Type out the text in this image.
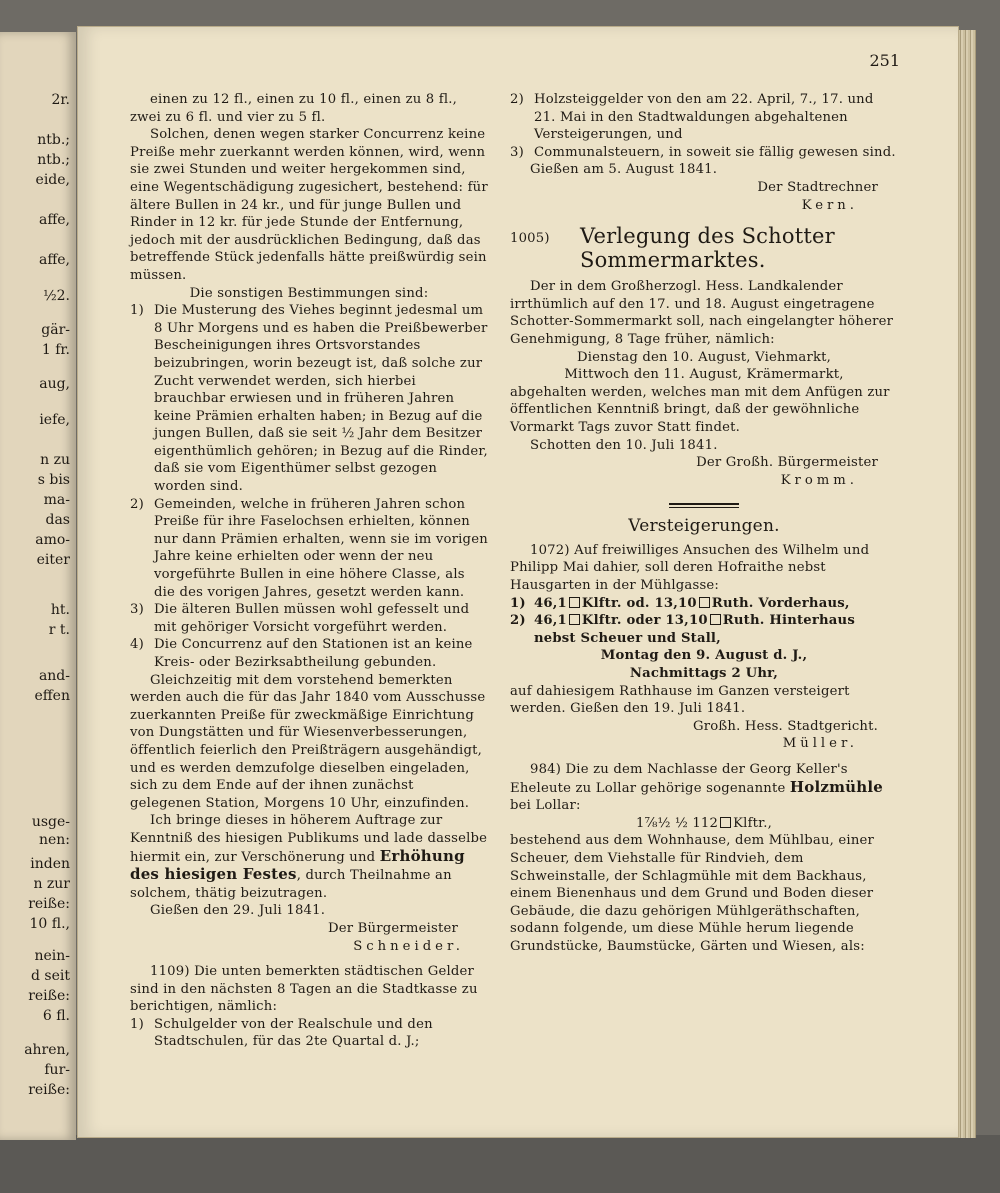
2r.
ntb.;
ntb.;
eide,
affe,
affe,
½2.
gär-
1 fr.
aug,
iefe,
n zu
s bis
ma-
das
amo-
eiter
ht.
r t.
and-
effen
usge-
nen:
inden
n zur
reiße:
10 fl.,
nein-
d seit
reiße:
6 fl.
ahren,
fur-
reiße:
251

einen zu 12 fl., einen zu 10 fl., einen zu 8 fl., zwei zu 6 fl. und vier zu 5 fl.

Solchen, denen wegen starker Concurrenz keine Preiße mehr zuerkannt werden können, wird, wenn sie zwei Stunden und weiter hergekommen sind, eine Wegentschädigung zugesichert, bestehend: für ältere Bullen in 24 kr., und für junge Bullen und Rinder in 12 kr. für jede Stunde der Entfernung, jedoch mit der ausdrücklichen Bedingung, daß das betreffende Stück jedenfalls hätte preißwürdig sein müssen.

Die sonstigen Bestimmungen sind:

1) Die Musterung des Viehes beginnt jedesmal um 8 Uhr Morgens und es haben die Preißbewerber Bescheinigungen ihres Ortsvorstandes beizubringen, worin bezeugt ist, daß solche zur Zucht verwendet werden, sich hierbei brauchbar erwiesen und in früheren Jahren keine Prämien erhalten haben; in Bezug auf die jungen Bullen, daß sie seit ½ Jahr dem Besitzer eigenthümlich gehören; in Bezug auf die Rinder, daß sie vom Eigenthümer selbst gezogen worden sind.
2) Gemeinden, welche in früheren Jahren schon Preiße für ihre Faselochsen erhielten, können nur dann Prämien erhalten, wenn sie im vorigen Jahre keine erhielten oder wenn der neu vorgeführte Bullen in eine höhere Classe, als die des vorigen Jahres, gesetzt werden kann.
3) Die älteren Bullen müssen wohl gefesselt und mit gehöriger Vorsicht vorgeführt werden.
4) Die Concurrenz auf den Stationen ist an keine Kreis- oder Bezirksabtheilung gebunden.

Gleichzeitig mit dem vorstehend bemerkten werden auch die für das Jahr 1840 vom Ausschusse zuerkannten Preiße für zweckmäßige Einrichtung von Dungstätten und für Wiesenverbesserungen, öffentlich feierlich den Preißträgern ausgehändigt, und es werden demzufolge dieselben eingeladen, sich zu dem Ende auf der ihnen zunächst gelegenen Station, Morgens 10 Uhr, einzufinden.

Ich bringe dieses in höherem Auftrage zur Kenntniß des hiesigen Publikums und lade dasselbe hiermit ein, zur Verschönerung und Erhöhung des hiesigen Festes, durch Theilnahme an solchem, thätig beizutragen.

Gießen den 29. Juli 1841.

Der Bürgermeister

Schneider.

1109) Die unten bemerkten städtischen Gelder sind in den nächsten 8 Tagen an die Stadtkasse zu berichtigen, nämlich:

1) Schulgelder von der Realschule und den Stadtschulen, für das 2te Quartal d. J.;
2) Holzsteiggelder von den am 22. April, 7., 17. und 21. Mai in den Stadtwaldungen abgehaltenen Versteigerungen, und
3) Communalsteuern, in soweit sie fällig gewesen sind.

Gießen am 5. August 1841.

Der Stadtrechner

Kern.

1005)	Verlegung des Schotter Sommermarktes.

Der in dem Großherzogl. Hess. Landkalender irrthümlich auf den 17. und 18. August eingetragene Schotter-Sommermarkt soll, nach eingelangter höherer Genehmigung, 8 Tage früher, nämlich:

Dienstag den 10. August, Viehmarkt,

Mittwoch den 11. August, Krämermarkt,

abgehalten werden, welches man mit dem Anfügen zur öffentlichen Kenntniß bringt, daß der gewöhnliche Vormarkt Tags zuvor Statt findet.

Schotten den 10. Juli 1841.

Der Großh. Bürgermeister

Kromm.

Versteigerungen.

1072) Auf freiwilliges Ansuchen des Wilhelm und Philipp Mai dahier, soll deren Hofraithe nebst Hausgarten in der Mühlgasse:

1) 46,1 Klftr. od. 13,10 Ruth. Vorderhaus,
2) 46,1 Klftr. oder 13,10 Ruth. Hinterhaus nebst Scheuer und Stall,

Montag den 9. August d. J.,

Nachmittags 2 Uhr,

auf dahiesigem Rathhause im Ganzen versteigert werden. Gießen den 19. Juli 1841.

Großh. Hess. Stadtgericht.

Müller.

984) Die zu dem Nachlasse der Georg Keller's Eheleute zu Lollar gehörige sogenannte Holzmühle bei Lollar:

1⅞½ ½ 112 Klftr.,

bestehend aus dem Wohnhause, dem Mühlbau, einer Scheuer, dem Viehstalle für Rindvieh, dem Schweinstalle, der Schlagmühle mit dem Backhaus, einem Bienenhaus und dem Grund und Boden dieser Gebäude, die dazu gehörigen Mühlgeräthschaften, sodann folgende, um diese Mühle herum liegende Grundstücke, Baumstücke, Gärten und Wiesen, als:
